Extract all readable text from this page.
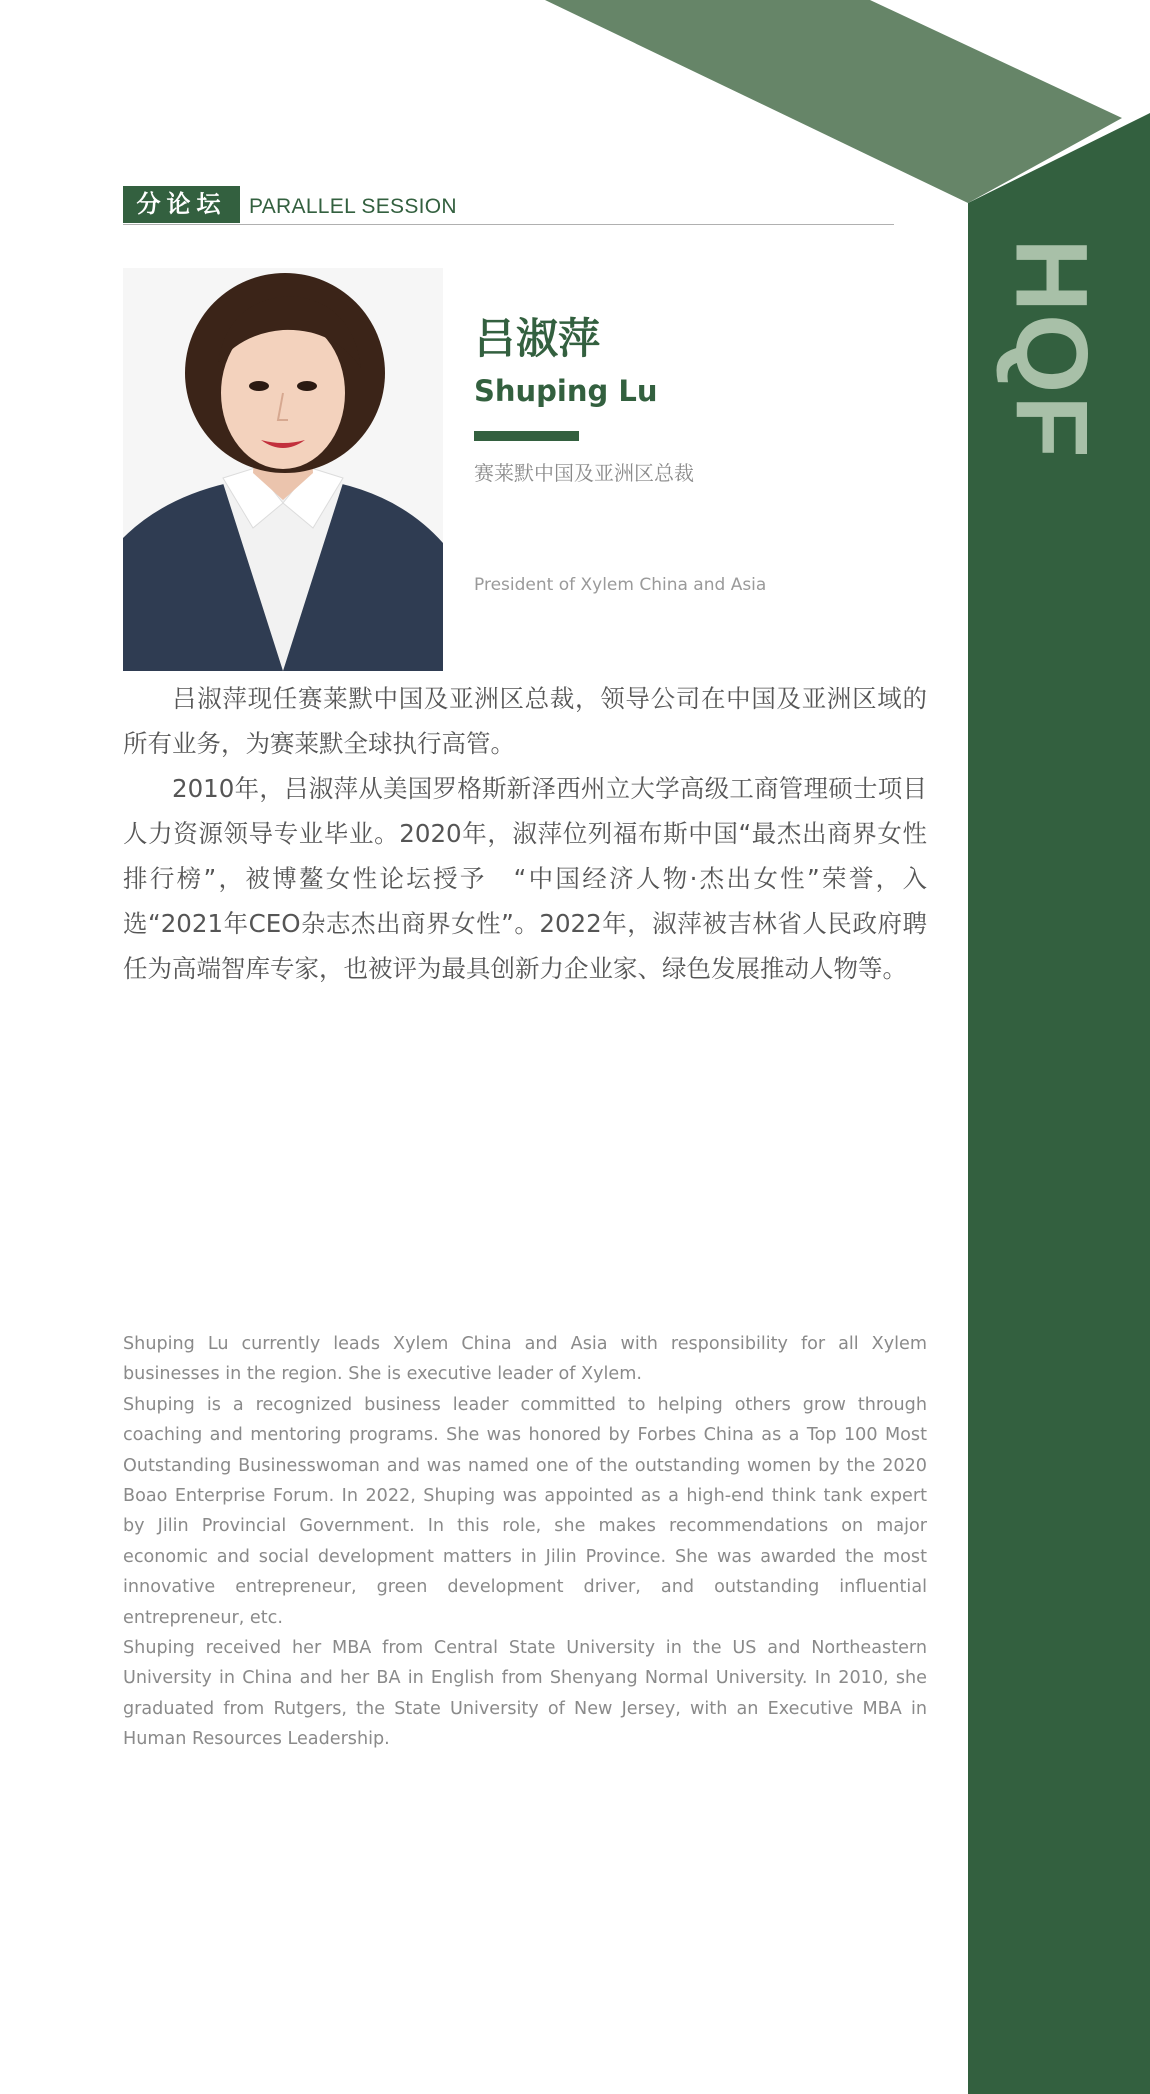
HQF
分论坛	PARALLEL SESSION
吕淑萍
Shuping Lu
赛莱默中国及亚洲区总裁
President of Xylem China and Asia

吕淑萍现任赛莱默中国及亚洲区总裁，领导公司在中国及亚洲区域的所有业务，为赛莱默全球执行高管。

2010年，吕淑萍从美国罗格斯新泽西州立大学高级工商管理硕士项目人力资源领导专业毕业。2020年，淑萍位列福布斯中国“最杰出商界女性排行榜”，被博鳌女性论坛授予　“中国经济人物·杰出女性”荣誉，入选“2021年CEO杂志杰出商界女性”。2022年，淑萍被吉林省人民政府聘任为高端智库专家，也被评为最具创新力企业家、绿色发展推动人物等。

Shuping Lu currently leads Xylem China and Asia with responsibility for all Xylem businesses in the region. She is executive leader of Xylem.

Shuping is a recognized business leader committed to helping others grow through coaching and mentoring programs. She was honored by Forbes China as a Top 100 Most Outstanding Businesswoman and was named one of the outstanding women by the 2020 Boao Enterprise Forum. In 2022, Shuping was appointed as a high-end think tank expert by Jilin Provincial Government. In this role, she makes recommendations on major economic and social development matters in Jilin Province. She was awarded the most innovative entrepreneur, green development driver, and outstanding influential entrepreneur, etc.

Shuping received her MBA from Central State University in the US and Northeastern University in China and her BA in English from Shenyang Normal University. In 2010, she graduated from Rutgers, the State University of New Jersey, with an Executive MBA in Human Resources Leadership.
